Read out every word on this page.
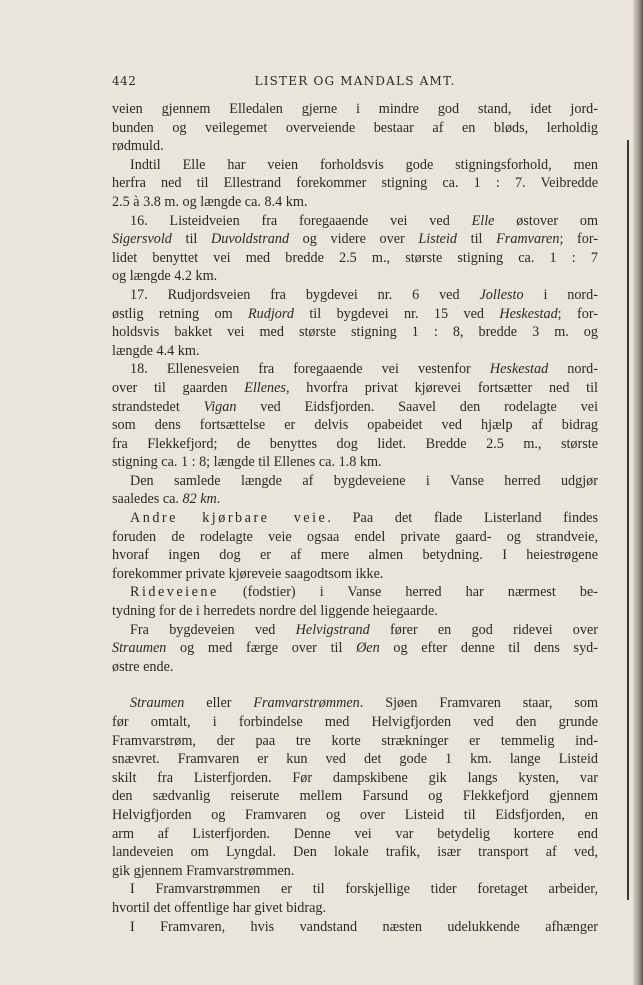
442	LISTER OG MANDALS AMT.
veien gjennem Elledalen gjerne i mindre god stand, idet jord-
bunden og veilegemet overveiende bestaar af en bløds, lerholdig
rødmuld.
Indtil Elle har veien forholdsvis gode stigningsforhold, men
herfra ned til Ellestrand forekommer stigning ca. 1 : 7. Veibredde
2.5 à 3.8 m. og længde ca. 8.4 km.
16. Listeidveien fra foregaaende vei ved Elle østover om
Sigersvold til Duvoldstrand og videre over Listeid til Framvaren; for-
lidet benyttet vei med bredde 2.5 m., største stigning ca. 1 : 7
og længde 4.2 km.
17. Rudjordsveien fra bygdevei nr. 6 ved Jollesto i nord-
østlig retning om Rudjord til bygdevei nr. 15 ved Heskestad; for-
holdsvis bakket vei med største stigning 1 : 8, bredde 3 m. og
længde 4.4 km.
18. Ellenesveien fra foregaaende vei vestenfor Heskestad nord-
over til gaarden Ellenes, hvorfra privat kjørevei fortsætter ned til
strandstedet Vigan ved Eidsfjorden. Saavel den rodelagte vei
som dens fortsættelse er delvis opabeidet ved hjælp af bidrag
fra Flekkefjord; de benyttes dog lidet. Bredde 2.5 m., største
stigning ca. 1 : 8; længde til Ellenes ca. 1.8 km.
Den samlede længde af bygdeveiene i Vanse herred udgjør
saaledes ca. 82 km.
Andre kjørbare veie. Paa det flade Listerland findes
foruden de rodelagte veie ogsaa endel private gaard- og strandveie,
hvoraf ingen dog er af mere almen betydning. I heiestrøgene
forekommer private kjøreveie saagodtsom ikke.
Rideveiene (fodstier) i Vanse herred har nærmest be-
tydning for de i herredets nordre del liggende heiegaarde.
Fra bygdeveien ved Helvigstrand fører en god ridevei over
Straumen og med færge over til Øen og efter denne til dens syd-
østre ende.
Straumen eller Framvarstrømmen. Sjøen Framvaren staar, som
før omtalt, i forbindelse med Helvigfjorden ved den grunde
Framvarstrøm, der paa tre korte strækninger er temmelig ind-
snævret. Framvaren er kun ved det gode 1 km. lange Listeid
skilt fra Listerfjorden. Før dampskibene gik langs kysten, var
den sædvanlig reiserute mellem Farsund og Flekkefjord gjennem
Helvigfjorden og Framvaren og over Listeid til Eidsfjorden, en
arm af Listerfjorden. Denne vei var betydelig kortere end
landeveien om Lyngdal. Den lokale trafik, især transport af ved,
gik gjennem Framvarstrømmen.
I Framvarstrømmen er til forskjellige tider foretaget arbeider,
hvortil det offentlige har givet bidrag.
I Framvaren, hvis vandstand næsten udelukkende afhænger
